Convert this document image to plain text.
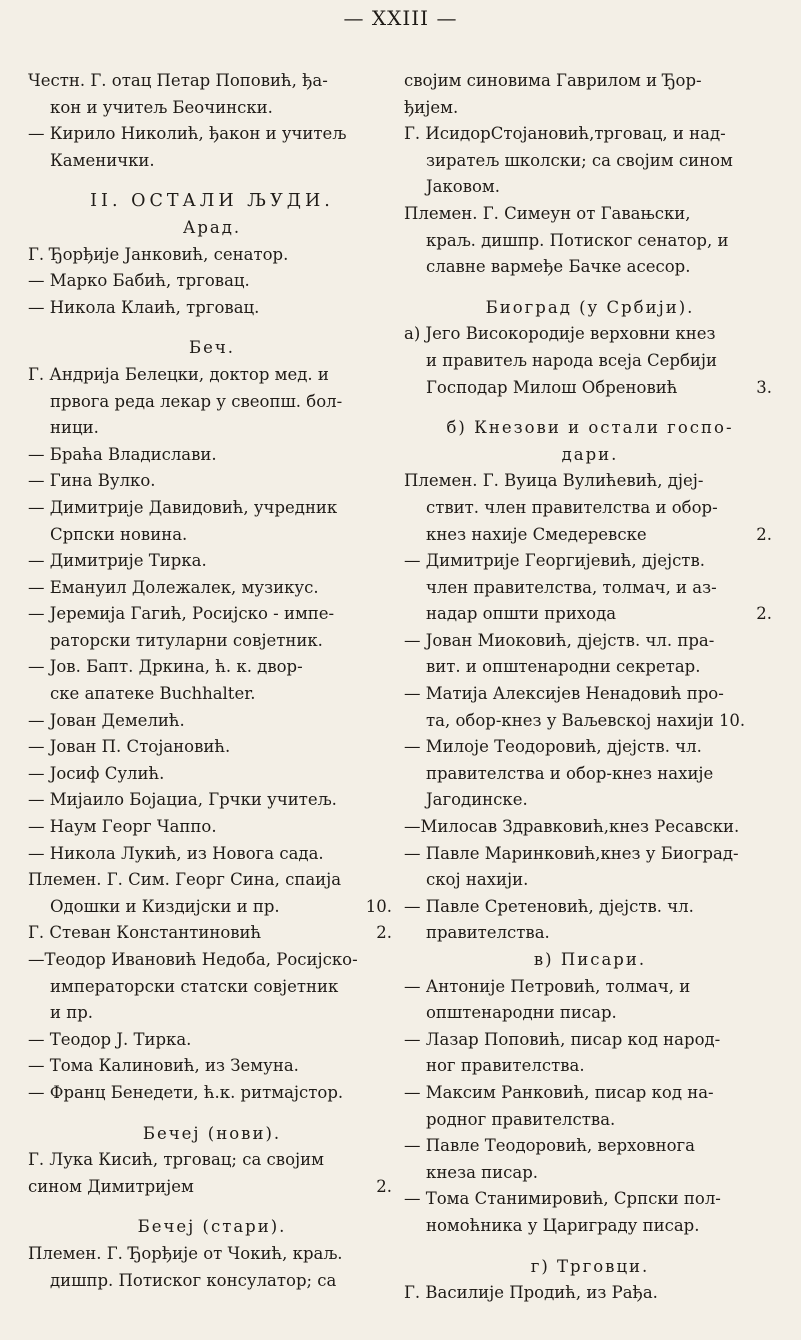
— XXIII —
Честн. Г. отац Петар Поповић, ђа-
кон и учитељ Беочински.
— Кирило Николић, ђакон и учитељ
Каменички.
II. ОСТАЛИ ЉУДИ.
Арад.
Г. Ђорђије Јанковић, сенатор.
— Марко Бабић, трговац.
— Никола Клаић, трговац.
Беч.
Г. Андрија Белецки, доктор мед. и
првога реда лекар у свеопш. бол-
ници.
— Браћа Владислави.
— Гина Вулко.
— Димитрије Давидовић, учредник
Српски новина.
— Димитрије Тирка.
— Емануил Долежалек, музикус.
— Јеремија Гагић, Росијско - импе-
раторски титуларни совјетник.
— Јов. Бапт. Дркина, ћ. к. двор-
ске апатеке Buchhalter.
— Јован Демелић.
— Јован П. Стојановић.
— Јосиф Сулић.
— Мијаило Бојациа, Грчки учитељ.
— Наум Георг Чаппо.
— Никола Лукић, из Новога сада.
Племен. Г. Сим. Георг Сина, спаија
Одошки и Киздијски и пр.	10.
Г. Стеван Константиновић	2.
—Теодор Ивановић Недоба, Росијско-
императорски статски совјетник
и пр.
— Теодор Ј. Тирка.
— Тома Калиновић, из Земуна.
— Франц Бенедети, ћ.к. ритмајстор.
Бечеј (нови).
Г. Лука Кисић, трговац; са својим
сином Димитријем	2.
Бечеј (стари).
Племен. Г. Ђорђије от Чокић, краљ.
дишпр. Потиског консулатор; са
својим синовима Гаврилом и Ђор-
ђијем.
Г. ИсидорСтојановић,трговац, и над-
зиратељ школски; са својим сином
Јаковом.
Племен. Г. Симеун от Гавањски,
краљ. дишпр. Потиског сенатор, и
славне вармеђе Бачке асесор.
Биоград (у Србији).
а) Јего Високородије верховни кнез
и правитељ народа всеја Сербији
Господар Милош Обреновић	3.
б) Кнезови и остали госпо-
дари.
Племен. Г. Вуица Вулићевић, дјеј-
ствит. член правителства и обор-
кнез нахије Смедеревске	2.
— Димитрије Георгијевић, дјејств.
член правителства, толмач, и аз-
надар општи прихода	2.
— Јован Миоковић, дјејств. чл. пра-
вит. и општенародни секретар.
— Матија Алексијев Ненадовић про-
та, обор-кнез у Ваљевској нахији 10.
— Милоје Теодоровић, дјејств. чл.
правителства и обор-кнез нахије
Јагодинске.
—Милосав Здравковић,кнез Ресавски.
— Павле Маринковић,кнез у Биоград-
ској нахији.
— Павле Сретеновић, дјејств. чл.
правителства.
в) Писари.
— Антоније Петровић, толмач, и
општенародни писар.
— Лазар Поповић, писар код народ-
ног правителства.
— Максим Ранковић, писар код на-
родног правителства.
— Павле Теодоровић, верховнога
кнеза писар.
— Тома Станимировић, Српски пол-
номоћника у Цариграду писар.
г) Трговци.
Г. Василије Продић, из Рађа.
